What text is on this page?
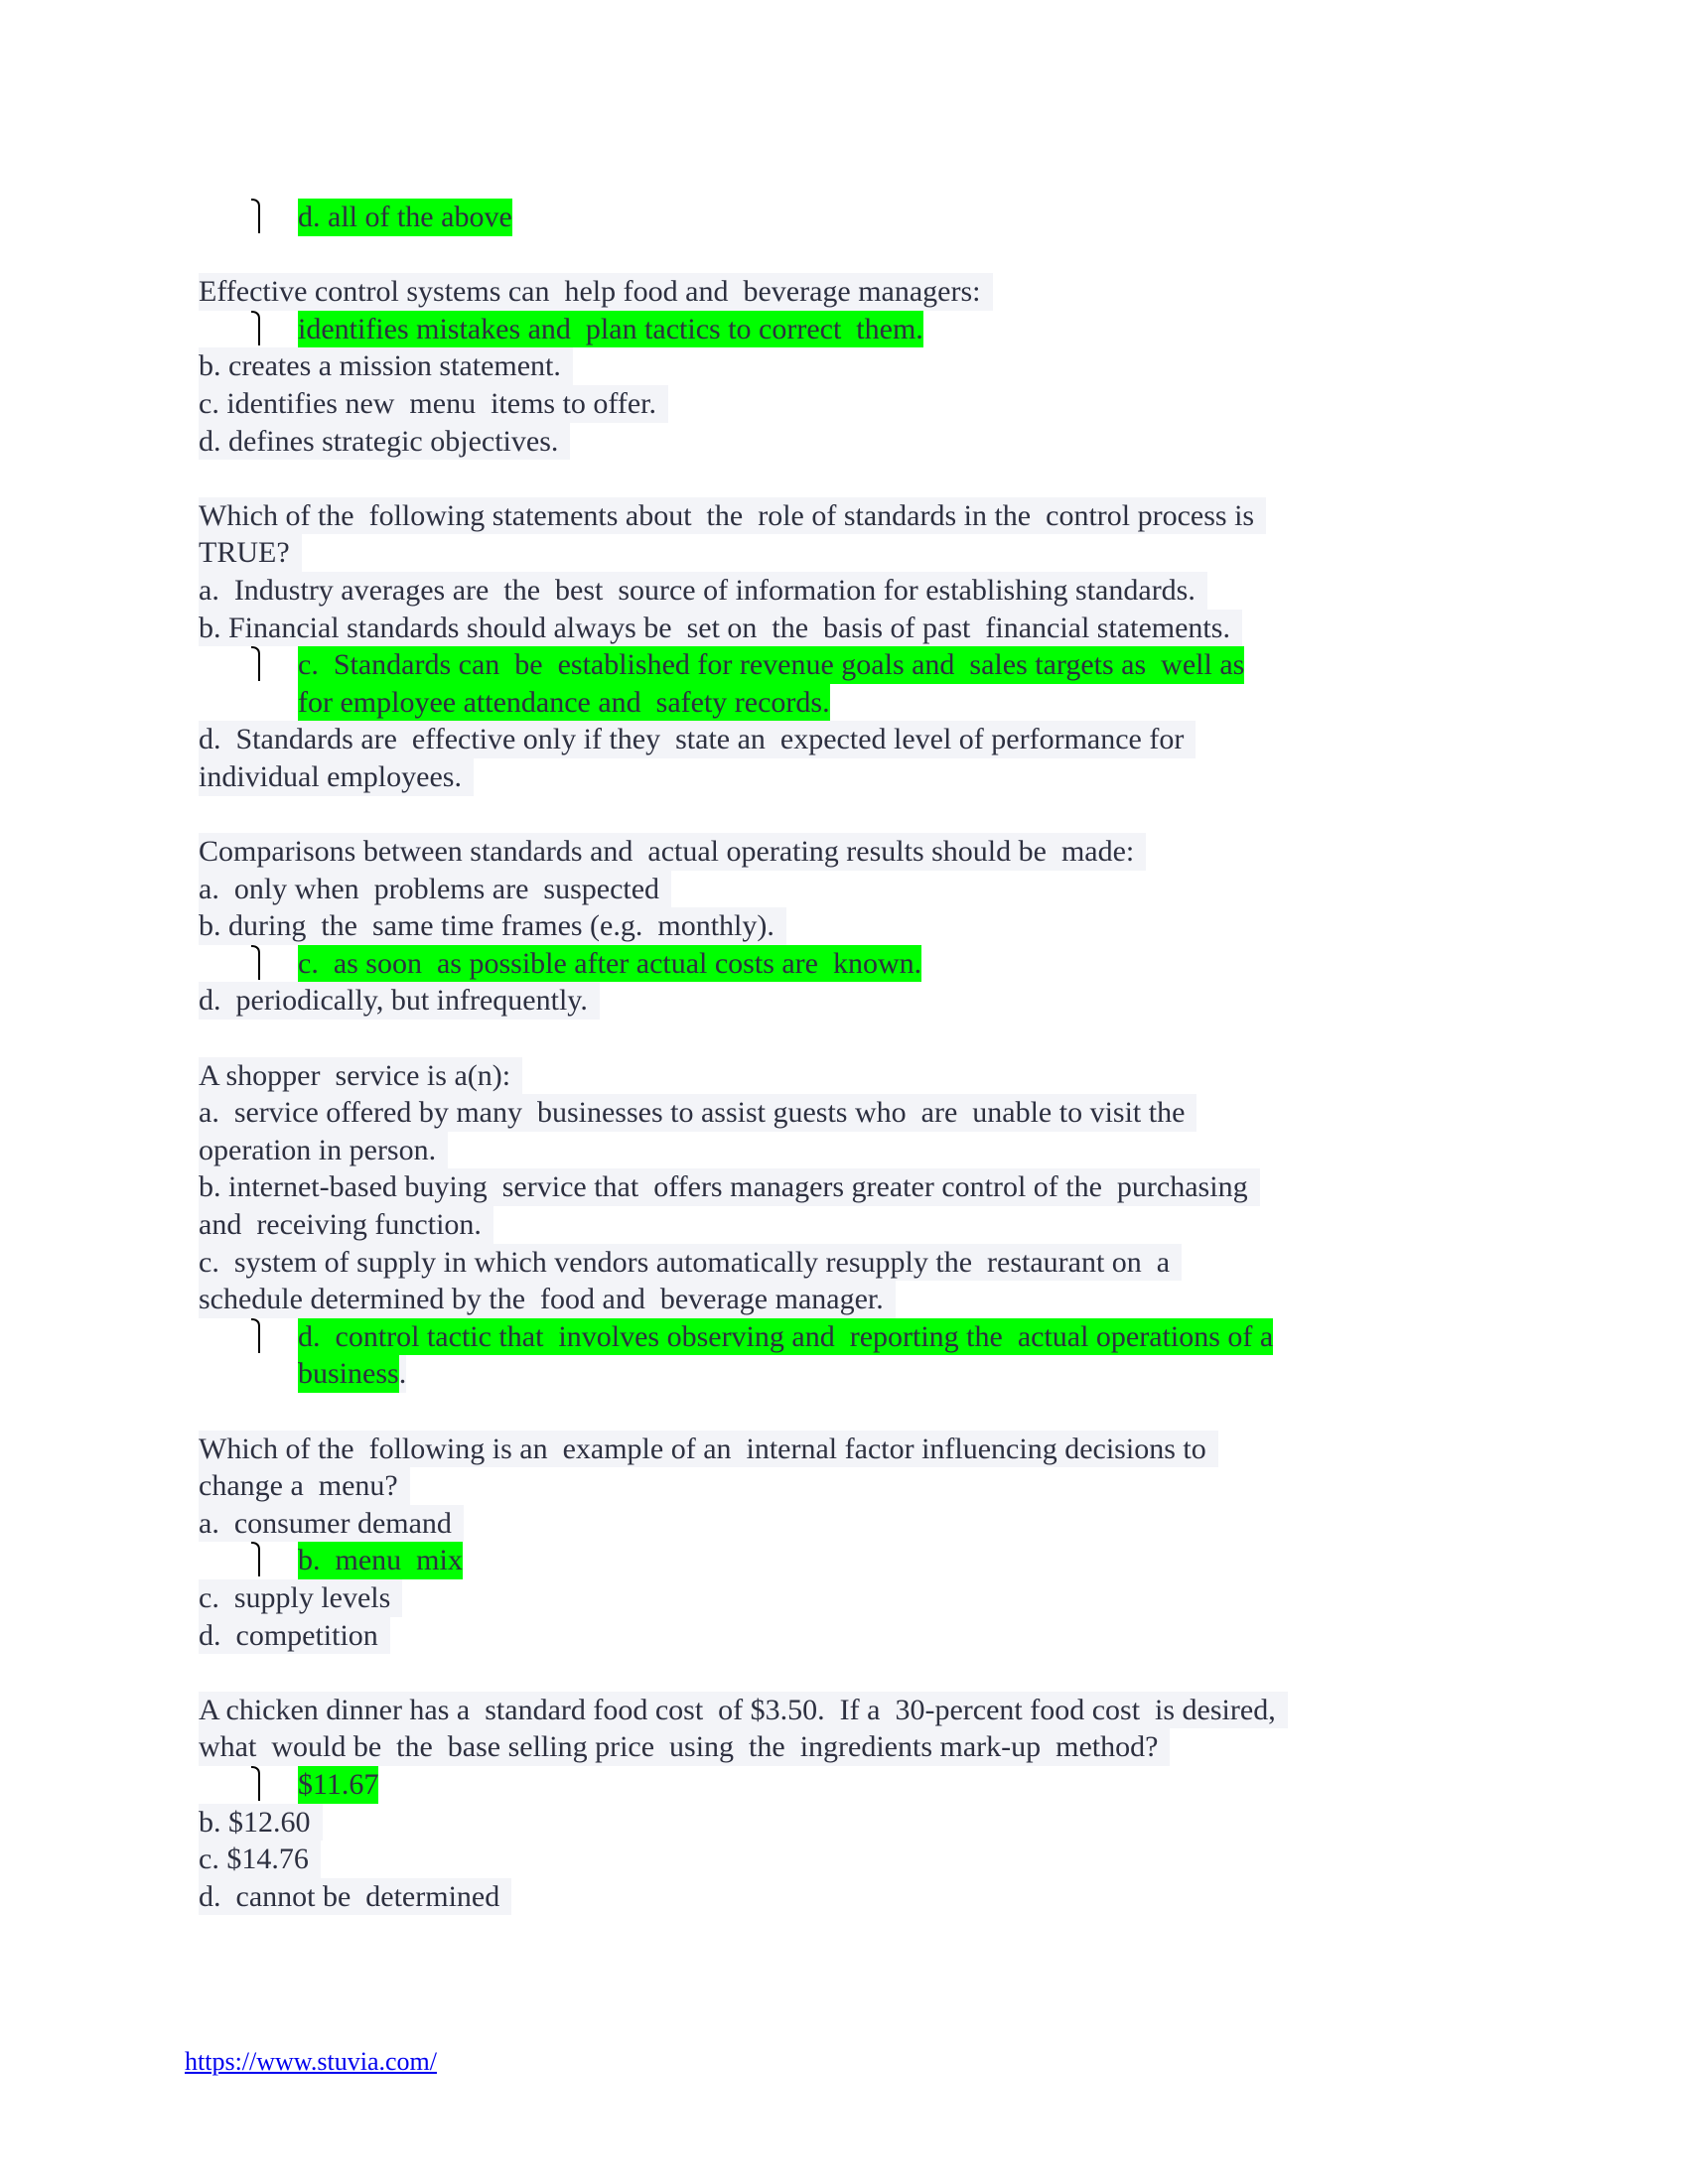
d. all of the above

Effective control systems can  help food and  beverage managers:

identifies mistakes and  plan tactics to correct  them.

b. creates a mission statement.
c. identifies new  menu  items to offer.
d. defines strategic objectives.
Which of the  following statements about  the  role of standards in the  control process is
TRUE?
a.  Industry averages are  the  best  source of information for establishing standards.
b. Financial standards should always be  set on  the  basis of past  financial statements.

c.  Standards can  be  established for revenue goals and  sales targets as  well as

for employee attendance and  safety records.

d.  Standards are  effective only if they  state an  expected level of performance for
individual employees.
Comparisons between standards and  actual operating results should be  made:
a.  only when  problems are  suspected
b. during  the  same time frames (e.g.  monthly).

c.  as soon  as possible after actual costs are  known.

d.  periodically, but infrequently.
A shopper  service is a(n):
a.  service offered by many  businesses to assist guests who  are  unable to visit the
operation in person.
b. internet-based buying  service that  offers managers greater control of the  purchasing
and  receiving function.
c.  system of supply in which vendors automatically resupply the  restaurant on  a
schedule determined by the  food and  beverage manager.

d.  control tactic that  involves observing and  reporting the  actual operations of a

business.

Which of the  following is an  example of an  internal factor influencing decisions to
change a  menu?
a.  consumer demand

b.  menu  mix

c.  supply levels
d.  competition
A chicken dinner has a  standard food cost  of $3.50.  If a  30-percent food cost  is desired,
what  would be  the  base selling price  using  the  ingredients mark-up  method?

$11.67

b. $12.60
c. $14.76
d.  cannot be  determined
https://www.stuvia.com/
